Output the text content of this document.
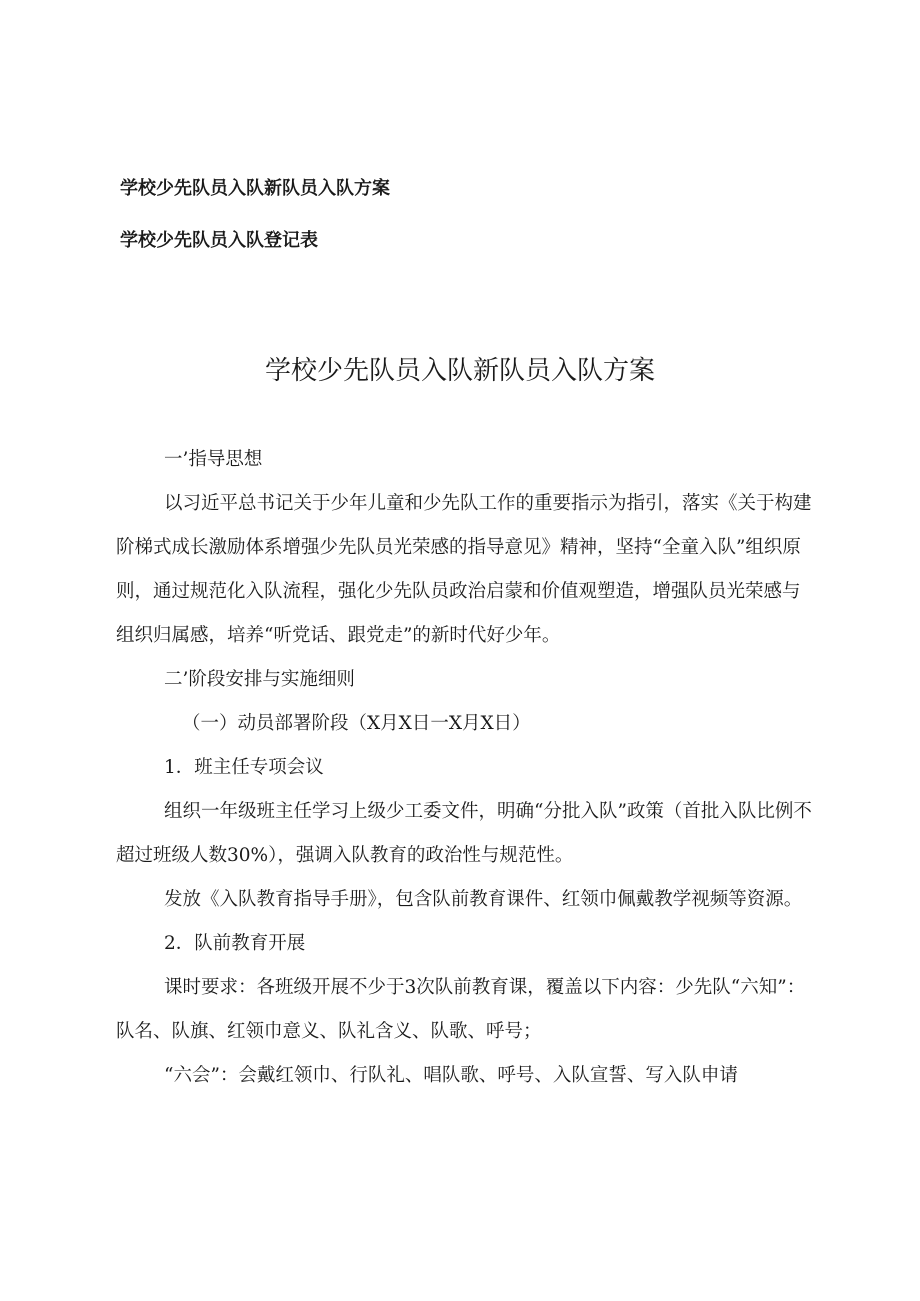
学校少先队员入队新队员入队方案
学校少先队员入队登记表
学校少先队员入队新队员入队方案

一’指导思想

以习近平总书记关于少年儿童和少先队工作的重要指示为指引，落实《关于构建阶梯式成长激励体系增强少先队员光荣感的指导意见》精神，坚持“全童入队”组织原则，通过规范化入队流程，强化少先队员政治启蒙和价值观塑造，增强队员光荣感与组织归属感，培养“听党话、跟党走”的新时代好少年。

二’阶段安排与实施细则

（一）动员部署阶段（X月X日一X月X日）

1．班主任专项会议

组织一年级班主任学习上级少工委文件，明确“分批入队”政策（首批入队比例不超过班级人数30%），强调入队教育的政治性与规范性。

发放《入队教育指导手册》，包含队前教育课件、红领巾佩戴教学视频等资源。

2．队前教育开展

课时要求：各班级开展不少于3次队前教育课，覆盖以下内容：少先队“六知”：队名、队旗、红领巾意义、队礼含义、队歌、呼号；

“六会”：会戴红领巾、行队礼、唱队歌、呼号、入队宣誓、写入队申请
